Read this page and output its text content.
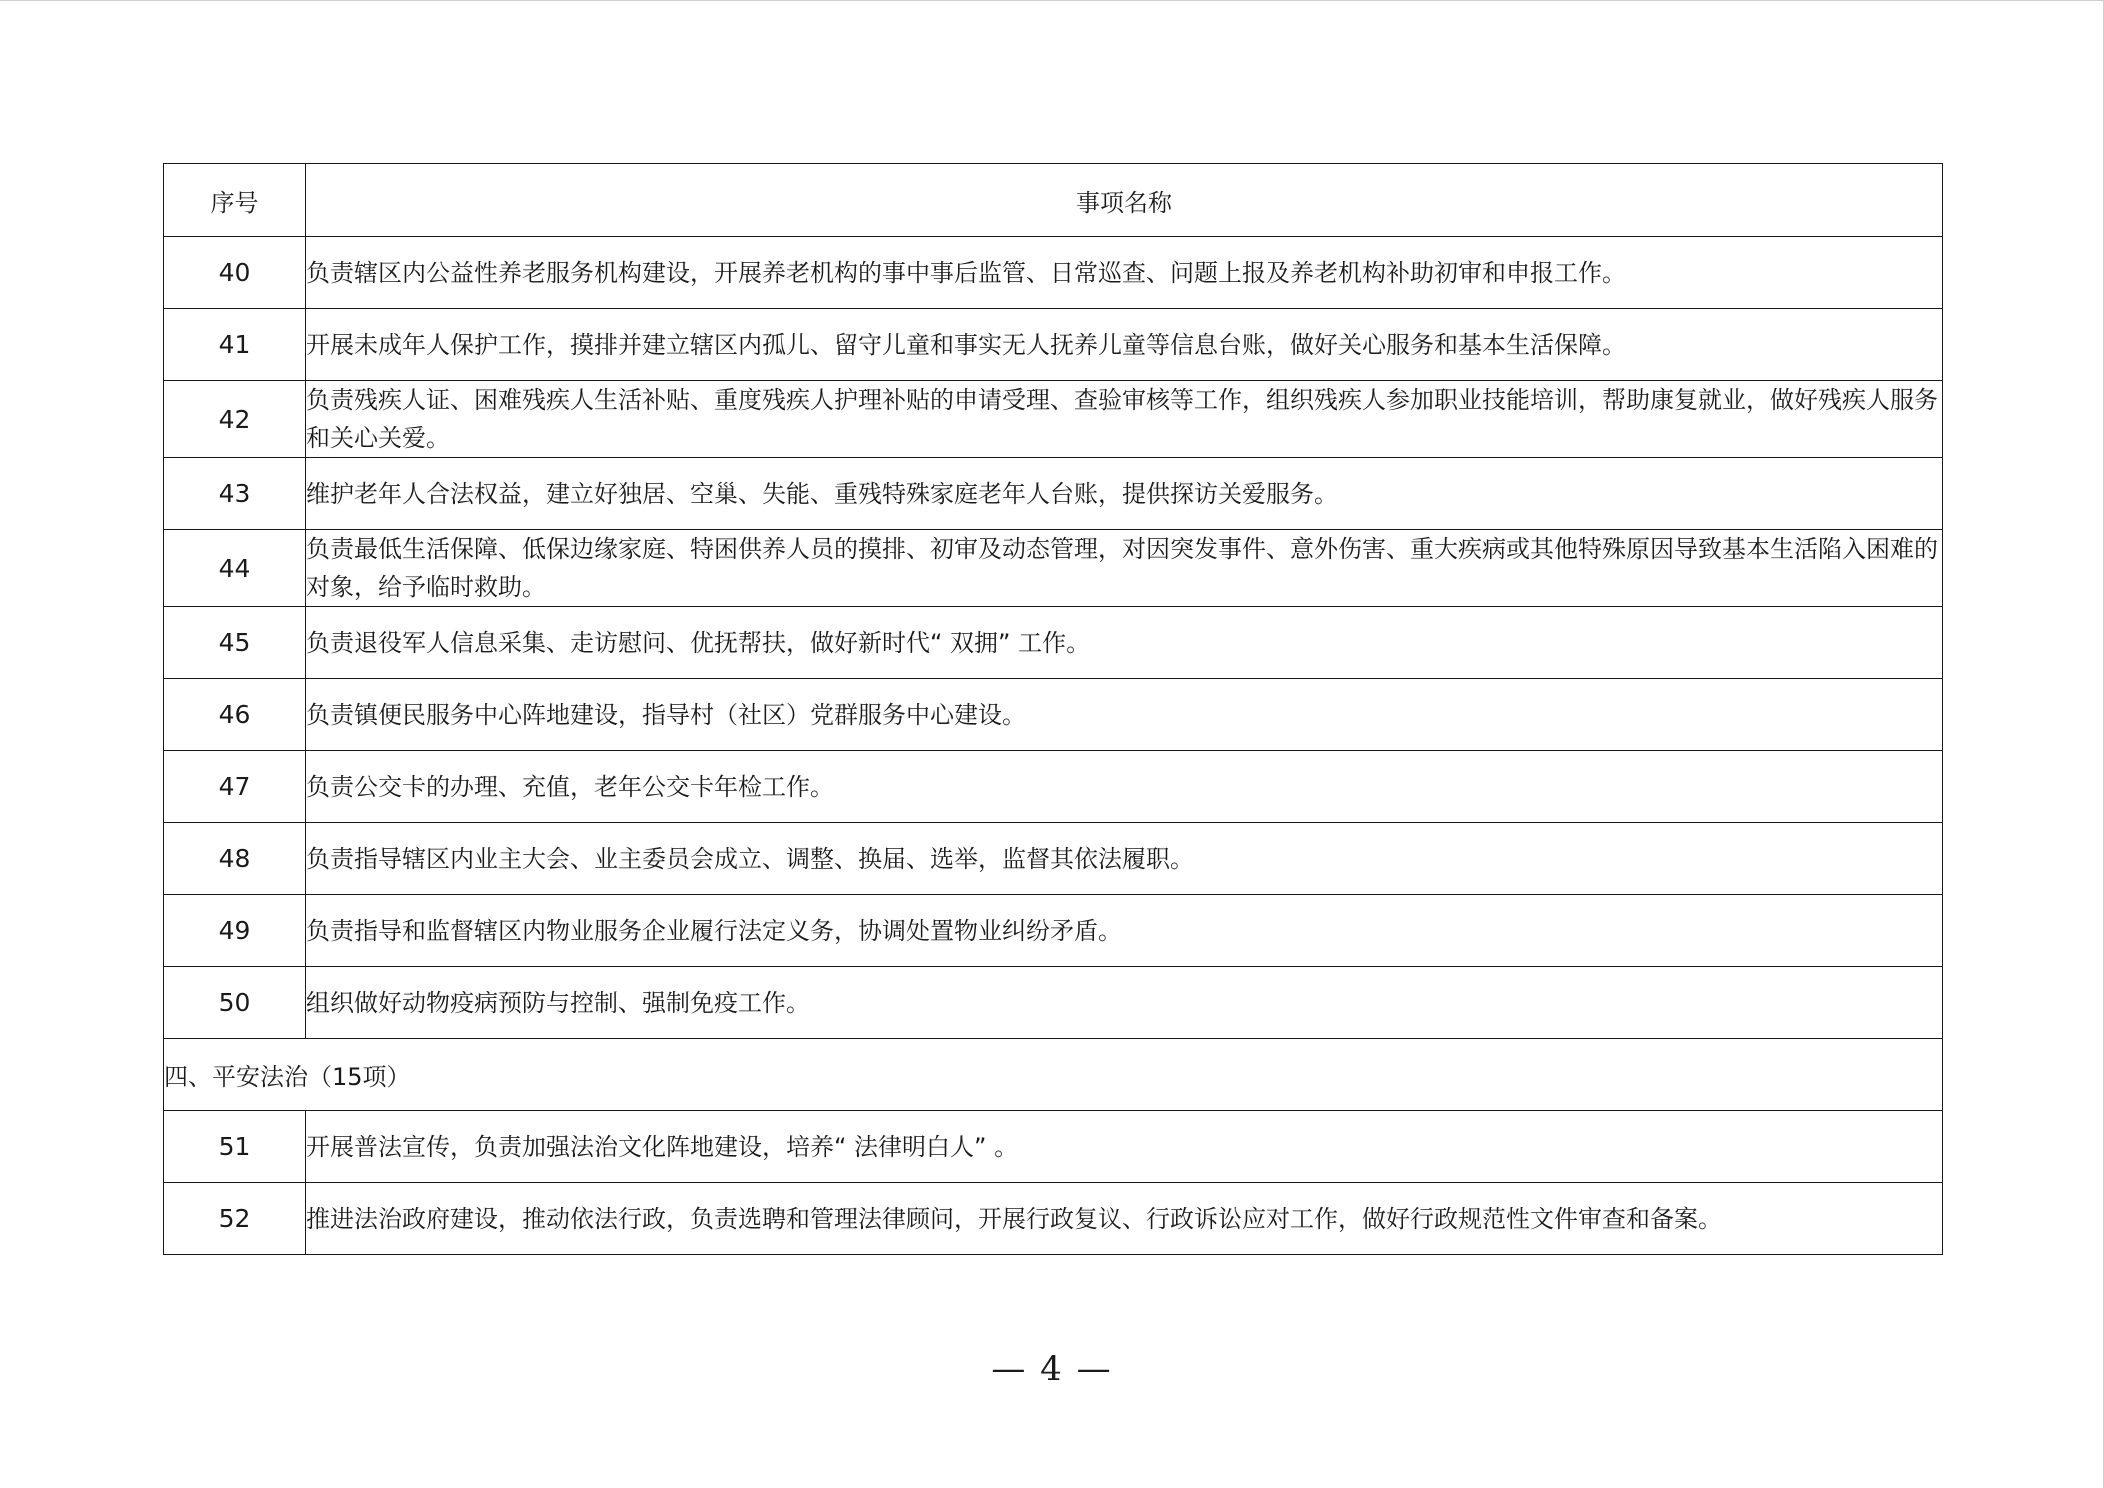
序号	事项名称
40	负责辖区内公益性养老服务机构建设，开展养老机构的事中事后监管、日常巡查、问题上报及养老机构补助初审和申报工作。
41	开展未成年人保护工作，摸排并建立辖区内孤儿、留守儿童和事实无人抚养儿童等信息台账，做好关心服务和基本生活保障。
42	负责残疾人证、困难残疾人生活补贴、重度残疾人护理补贴的申请受理、查验审核等工作，组织残疾人参加职业技能培训，帮助康复就业，做好残疾人服务和关心关爱。
43	维护老年人合法权益，建立好独居、空巢、失能、重残特殊家庭老年人台账，提供探访关爱服务。
44	负责最低生活保障、低保边缘家庭、特困供养人员的摸排、初审及动态管理，对因突发事件、意外伤害、重大疾病或其他特殊原因导致基本生活陷入困难的对象，给予临时救助。
45	负责退役军人信息采集、走访慰问、优抚帮扶，做好新时代“ 双拥” 工作。
46	负责镇便民服务中心阵地建设，指导村（社区）党群服务中心建设。
47	负责公交卡的办理、充值，老年公交卡年检工作。
48	负责指导辖区内业主大会、业主委员会成立、调整、换届、选举，监督其依法履职。
49	负责指导和监督辖区内物业服务企业履行法定义务，协调处置物业纠纷矛盾。
50	组织做好动物疫病预防与控制、强制免疫工作。
四、平安法治（15项）	
51	开展普法宣传，负责加强法治文化阵地建设，培养“ 法律明白人” 。
52	推进法治政府建设，推动依法行政，负责选聘和管理法律顾问，开展行政复议、行政诉讼应对工作，做好行政规范性文件审查和备案。
— 4 —
